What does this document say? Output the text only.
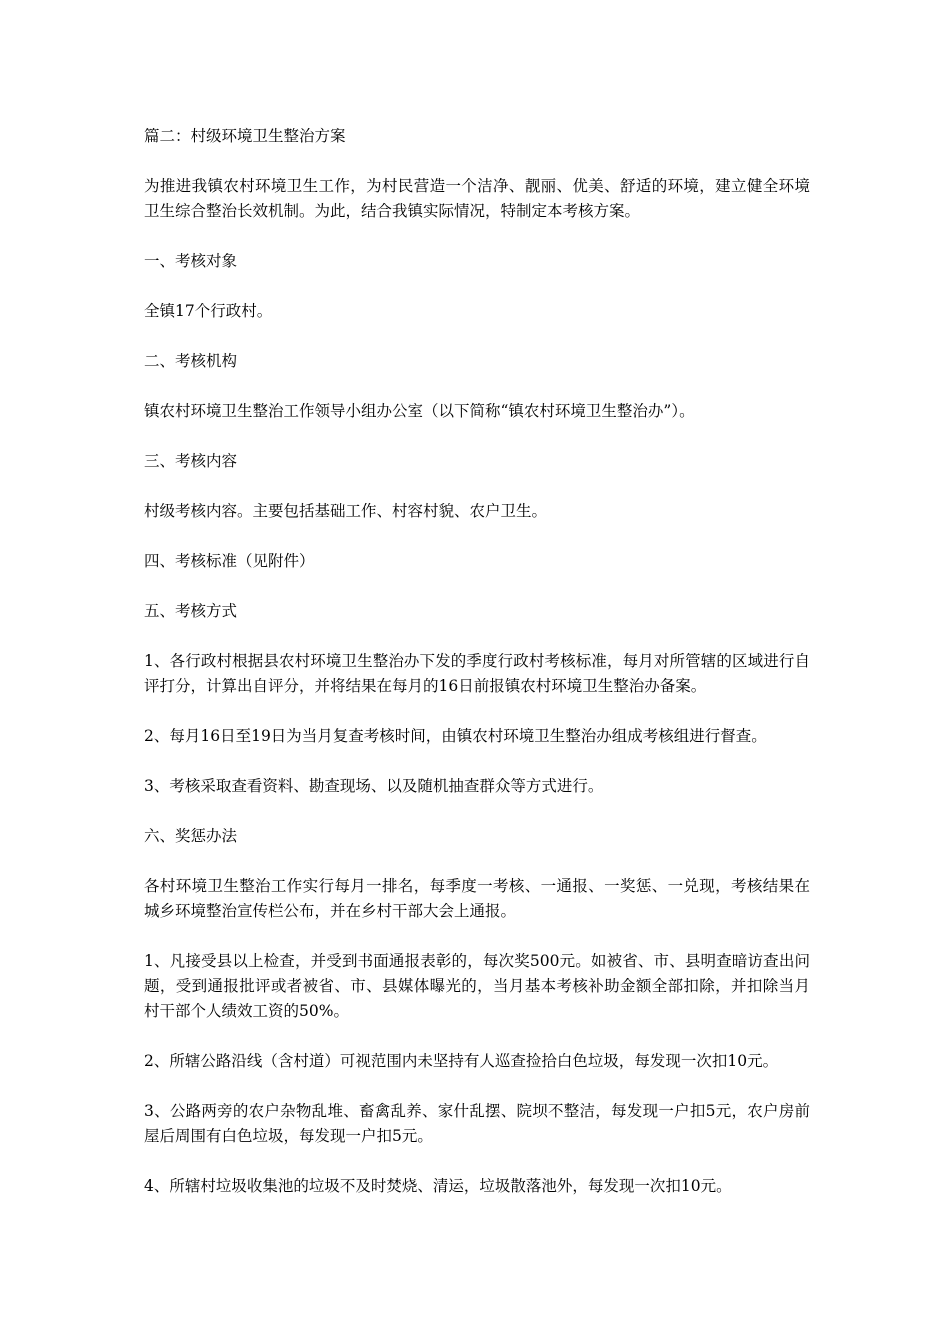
篇二：村级环境卫生整治方案

为推进我镇农村环境卫生工作，为村民营造一个洁净、靓丽、优美、舒适的环境，建立健全环境卫生综合整治长效机制。为此，结合我镇实际情况，特制定本考核方案。

一、考核对象

全镇17个行政村。

二、考核机构

镇农村环境卫生整治工作领导小组办公室（以下简称“镇农村环境卫生整治办”）。

三、考核内容

村级考核内容。主要包括基础工作、村容村貌、农户卫生。

四、考核标准（见附件）

五、考核方式

1、各行政村根据县农村环境卫生整治办下发的季度行政村考核标准，每月对所管辖的区域进行自评打分，计算出自评分，并将结果在每月的16日前报镇农村环境卫生整治办备案。

2、每月16日至19日为当月复查考核时间，由镇农村环境卫生整治办组成考核组进行督查。

3、考核采取查看资料、勘查现场、以及随机抽查群众等方式进行。

六、奖惩办法

各村环境卫生整治工作实行每月一排名，每季度一考核、一通报、一奖惩、一兑现，考核结果在城乡环境整治宣传栏公布，并在乡村干部大会上通报。

1、凡接受县以上检查，并受到书面通报表彰的，每次奖500元。如被省、市、县明查暗访查出问题，受到通报批评或者被省、市、县媒体曝光的，当月基本考核补助金额全部扣除，并扣除当月村干部个人绩效工资的50%。

2、所辖公路沿线（含村道）可视范围内未坚持有人巡查捡拾白色垃圾，每发现一次扣10元。

3、公路两旁的农户杂物乱堆、畜禽乱养、家什乱摆、院坝不整洁，每发现一户扣5元，农户房前屋后周围有白色垃圾，每发现一户扣5元。

4、所辖村垃圾收集池的垃圾不及时焚烧、清运，垃圾散落池外，每发现一次扣10元。
